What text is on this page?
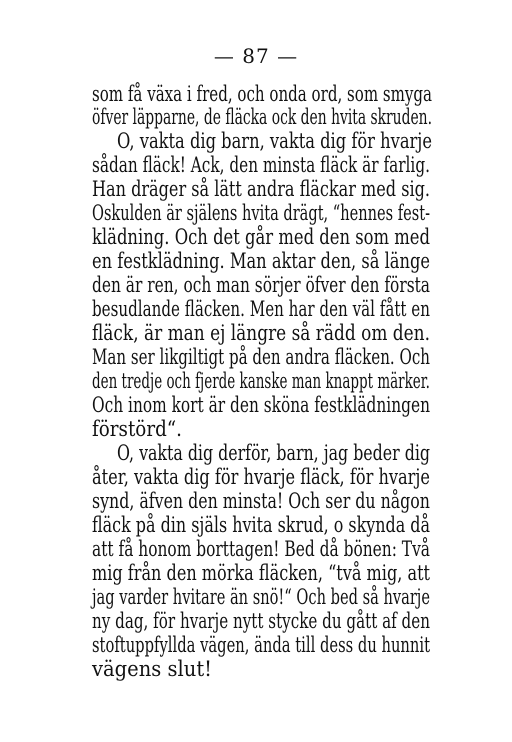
— 87 —
som få växa i fred, och onda ord, som smyga
öfver läpparne, de fläcka ock den hvita skruden.
O, vakta dig barn, vakta dig för hvarje
sådan fläck! Ack, den minsta fläck är farlig.
Han dräger så lätt andra fläckar med sig.
Oskulden är själens hvita drägt, “hennes fest-
klädning. Och det går med den som med
en festklädning. Man aktar den, så länge
den är ren, och man sörjer öfver den första
besudlande fläcken. Men har den väl fått en
fläck, är man ej längre så rädd om den.
Man ser likgiltigt på den andra fläcken. Och
den tredje och fjerde kanske man knappt märker.
Och inom kort är den sköna festklädningen
förstörd“.
O, vakta dig derför, barn, jag beder dig
åter, vakta dig för hvarje fläck, för hvarje
synd, äfven den minsta! Och ser du någon
fläck på din själs hvita skrud, o skynda då
att få honom borttagen! Bed då bönen: Två
mig från den mörka fläcken, “två mig, att
jag varder hvitare än snö!“ Och bed så hvarje
ny dag, för hvarje nytt stycke du gått af den
stoftuppfyllda vägen, ända till dess du hunnit
vägens slut!
